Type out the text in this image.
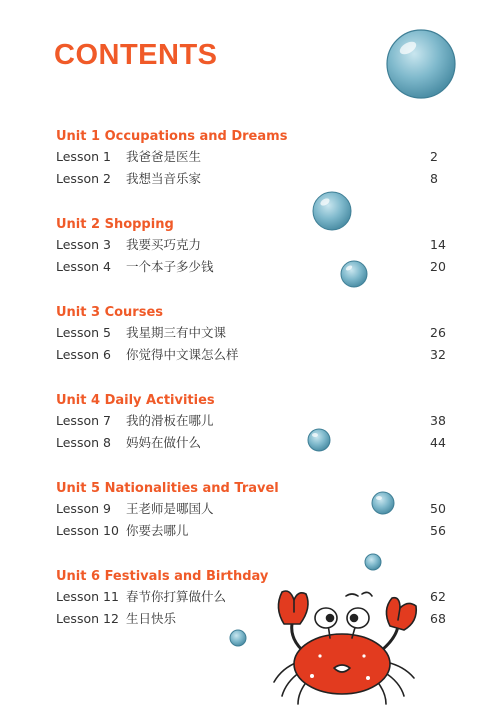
CONTENTS
Unit 1 Occupations and Dreams
Lesson 1 我爸爸是医生	2
Lesson 2 我想当音乐家	8
Unit 2 Shopping
Lesson 3 我要买巧克力	14
Lesson 4 一个本子多少钱	20
Unit 3 Courses
Lesson 5 我星期三有中文课	26
Lesson 6 你觉得中文课怎么样	32
Unit 4 Daily Activities
Lesson 7 我的滑板在哪儿	38
Lesson 8 妈妈在做什么	44
Unit 5 Nationalities and Travel
Lesson 9 王老师是哪国人	50
Lesson 10 你要去哪儿	56
Unit 6 Festivals and Birthday
Lesson 11 春节你打算做什么	62
Lesson 12 生日快乐	68
